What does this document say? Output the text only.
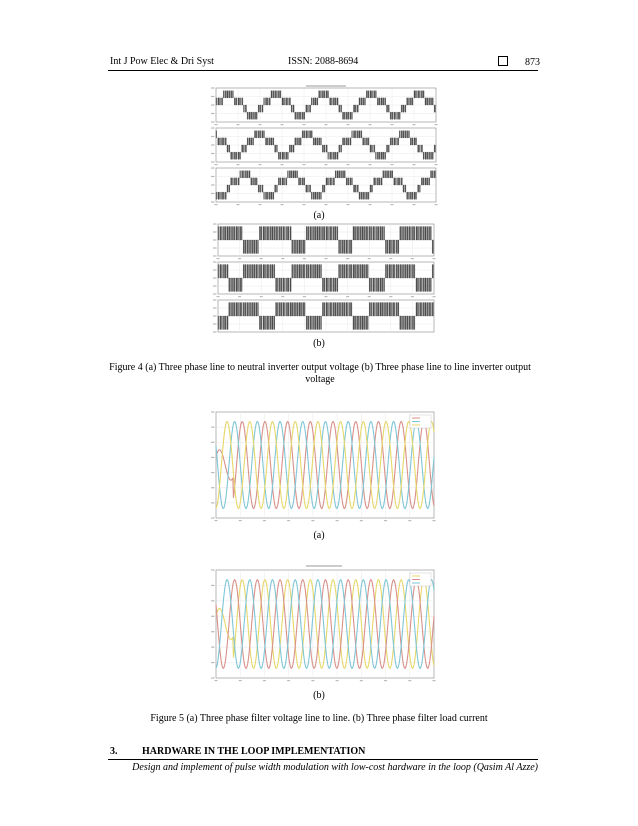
Int J Pow Elec & Dri Syst	ISSN: 2088-8694	873
(a)
(b)
Figure 4 (a) Three phase line to neutral inverter output voltage (b) Three phase line to line inverter output
voltage
(a)
(b)
Figure 5 (a) Three phase filter voltage line to line. (b) Three phase filter load current
3. HARDWARE IN THE LOOP IMPLEMENTATION
Design and implement of pulse width modulation with low-cost hardware in the loop (Qasim Al Azze)
